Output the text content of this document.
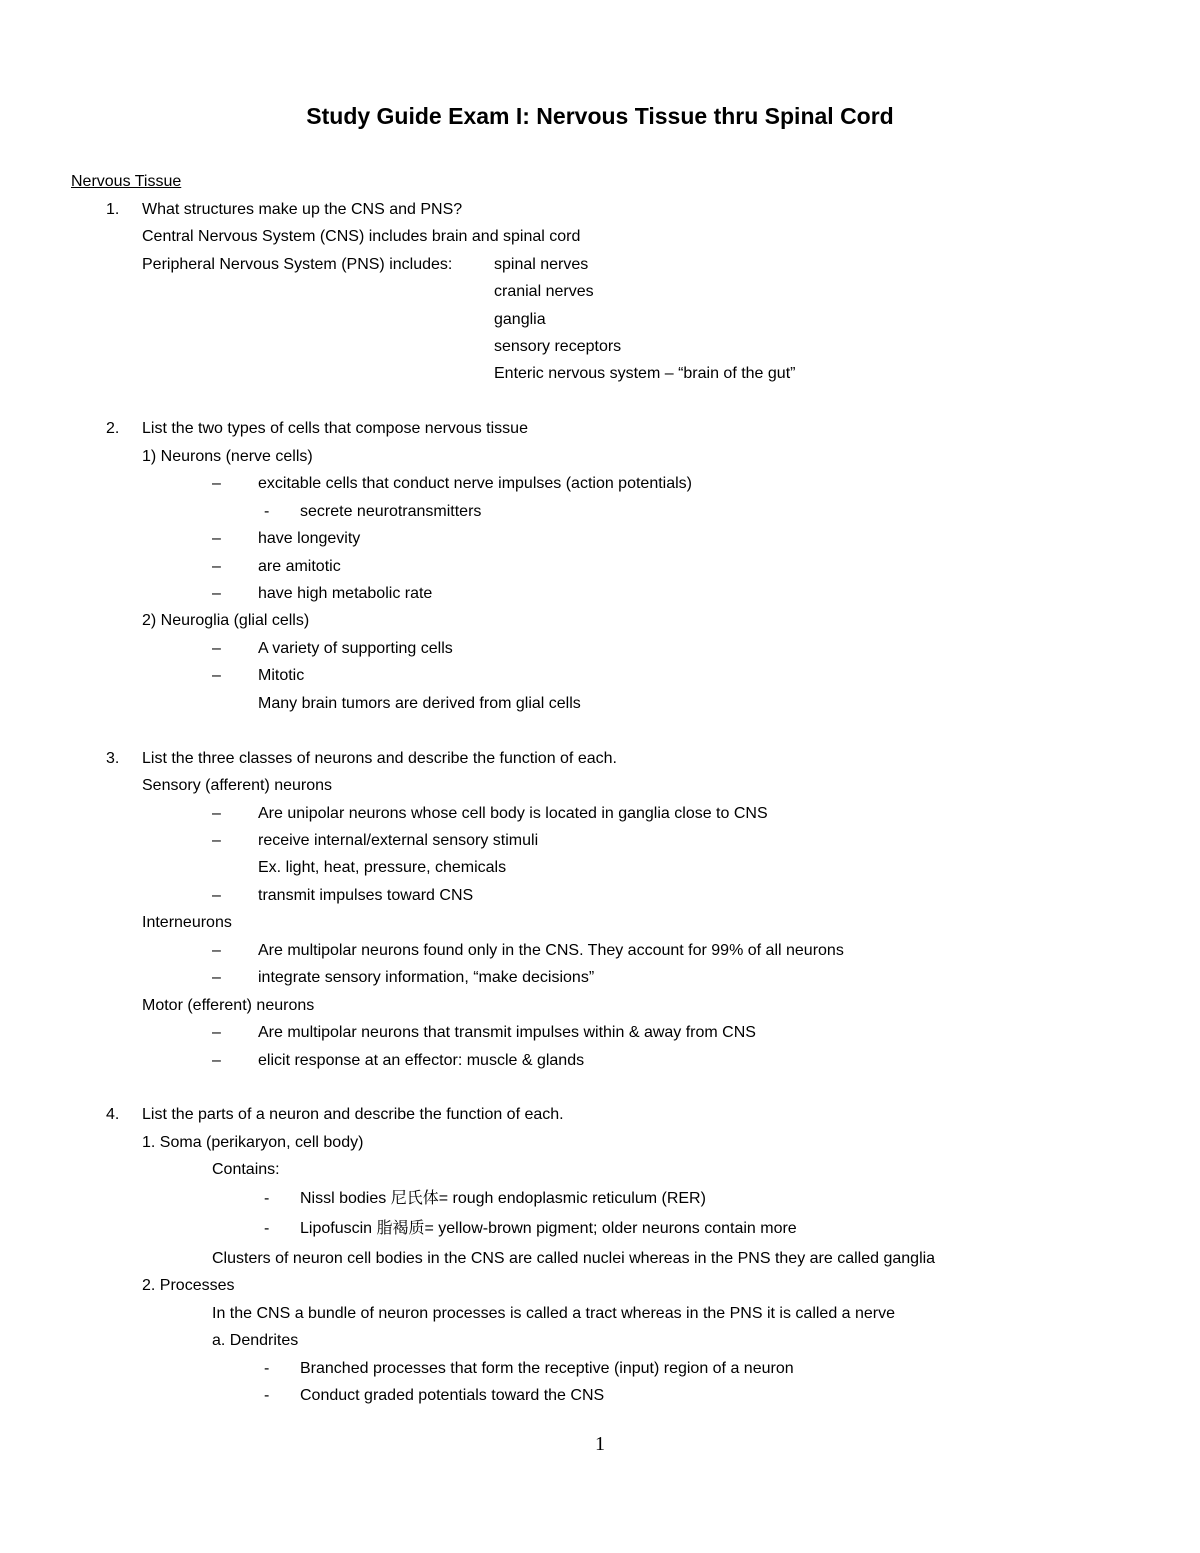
Study Guide Exam I: Nervous Tissue thru Spinal Cord
Nervous Tissue
1. What structures make up the CNS and PNS?
Central Nervous System (CNS) includes brain and spinal cord
Peripheral Nervous System (PNS) includes:	spinal nerves
cranial nerves
ganglia
sensory receptors
Enteric nervous system – “brain of the gut”
2. List the two types of cells that compose nervous tissue
1) Neurons (nerve cells)
– excitable cells that conduct nerve impulses (action potentials)
- secrete neurotransmitters
– have longevity
– are amitotic
– have high metabolic rate
2) Neuroglia (glial cells)
– A variety of supporting cells
– Mitotic
Many brain tumors are derived from glial cells
3. List the three classes of neurons and describe the function of each.
Sensory (afferent) neurons
– Are unipolar neurons whose cell body is located in ganglia close to CNS
– receive internal/external sensory stimuli
Ex. light, heat, pressure, chemicals
– transmit impulses toward CNS
Interneurons
– Are multipolar neurons found only in the CNS. They account for 99% of all neurons
– integrate sensory information, “make decisions”
Motor (efferent) neurons
– Are multipolar neurons that transmit impulses within & away from CNS
– elicit response at an effector: muscle & glands
4. List the parts of a neuron and describe the function of each.
1. Soma (perikaryon, cell body)
Contains:
- Nissl bodies 尼氏体= rough endoplasmic reticulum (RER)
- Lipofuscin 脂褐质= yellow-brown pigment; older neurons contain more
Clusters of neuron cell bodies in the CNS are called nuclei whereas in the PNS they are called ganglia
2. Processes
In the CNS a bundle of neuron processes is called a tract whereas in the PNS it is called a nerve
a. Dendrites
- Branched processes that form the receptive (input) region of a neuron
- Conduct graded potentials toward the CNS
1
